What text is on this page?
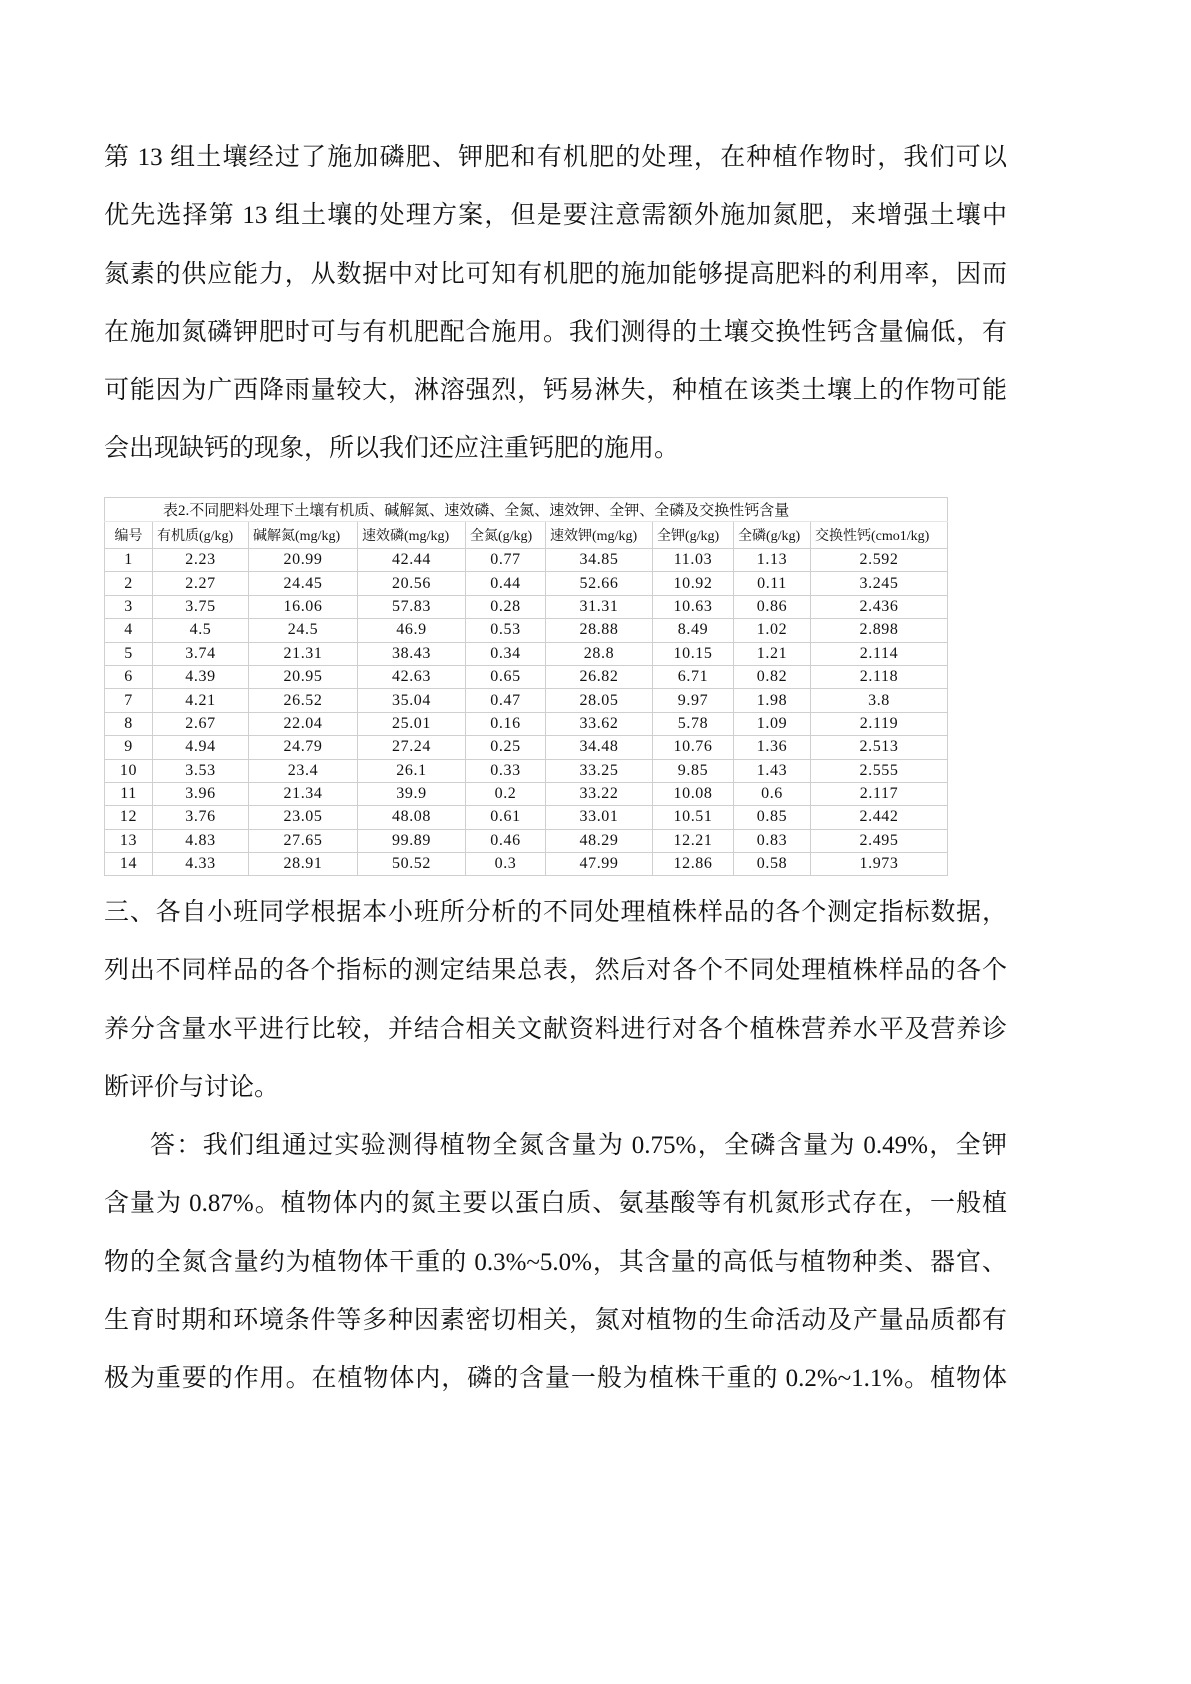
第 13 组土壤经过了施加磷肥、钾肥和有机肥的处理，在种植作物时，我们可以
优先选择第 13 组土壤的处理方案，但是要注意需额外施加氮肥，来增强土壤中
氮素的供应能力，从数据中对比可知有机肥的施加能够提高肥料的利用率，因而
在施加氮磷钾肥时可与有机肥配合施用。我们测得的土壤交换性钙含量偏低，有
可能因为广西降雨量较大，淋溶强烈，钙易淋失，种植在该类土壤上的作物可能
会出现缺钙的现象，所以我们还应注重钙肥的施用。
表2.不同肥料处理下土壤有机质、碱解氮、速效磷、全氮、速效钾、全钾、全磷及交换性钙含量								
编号	有机质(g/kg)	碱解氮(mg/kg)	速效磷(mg/kg)	全氮(g/kg)	速效钾(mg/kg)	全钾(g/kg)	全磷(g/kg)	交换性钙(cmo1/kg)
1	2.23	20.99	42.44	0.77	34.85	11.03	1.13	2.592
2	2.27	24.45	20.56	0.44	52.66	10.92	0.11	3.245
3	3.75	16.06	57.83	0.28	31.31	10.63	0.86	2.436
4	4.5	24.5	46.9	0.53	28.88	8.49	1.02	2.898
5	3.74	21.31	38.43	0.34	28.8	10.15	1.21	2.114
6	4.39	20.95	42.63	0.65	26.82	6.71	0.82	2.118
7	4.21	26.52	35.04	0.47	28.05	9.97	1.98	3.8
8	2.67	22.04	25.01	0.16	33.62	5.78	1.09	2.119
9	4.94	24.79	27.24	0.25	34.48	10.76	1.36	2.513
10	3.53	23.4	26.1	0.33	33.25	9.85	1.43	2.555
11	3.96	21.34	39.9	0.2	33.22	10.08	0.6	2.117
12	3.76	23.05	48.08	0.61	33.01	10.51	0.85	2.442
13	4.83	27.65	99.89	0.46	48.29	12.21	0.83	2.495
14	4.33	28.91	50.52	0.3	47.99	12.86	0.58	1.973
三、各自小班同学根据本小班所分析的不同处理植株样品的各个测定指标数据，
列出不同样品的各个指标的测定结果总表，然后对各个不同处理植株样品的各个
养分含量水平进行比较，并结合相关文献资料进行对各个植株营养水平及营养诊
断评价与讨论。
答：我们组通过实验测得植物全氮含量为 0.75%，全磷含量为 0.49%，全钾
含量为 0.87%。植物体内的氮主要以蛋白质、氨基酸等有机氮形式存在，一般植
物的全氮含量约为植物体干重的 0.3%~5.0%，其含量的高低与植物种类、器官、
生育时期和环境条件等多种因素密切相关，氮对植物的生命活动及产量品质都有
极为重要的作用。在植物体内，磷的含量一般为植株干重的 0.2%~1.1%。植物体
